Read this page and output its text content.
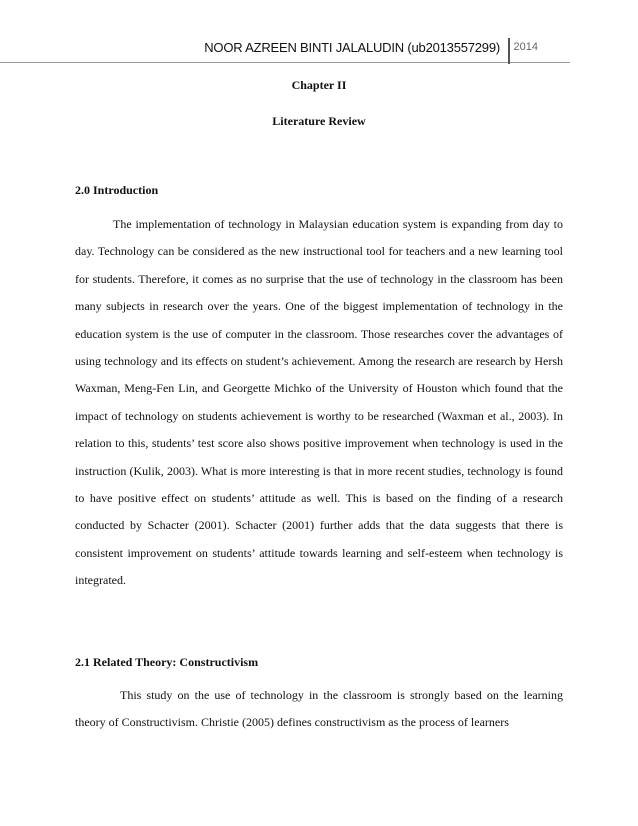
NOOR AZREEN BINTI JALALUDIN (ub2013557299) 2014
Chapter II
Literature Review
2.0 Introduction

The implementation of technology in Malaysian education system is expanding from day to day. Technology can be considered as the new instructional tool for teachers and a new learning tool for students. Therefore, it comes as no surprise that the use of technology in the classroom has been many subjects in research over the years. One of the biggest implementation of technology in the education system is the use of computer in the classroom. Those researches cover the advantages of using technology and its effects on student’s achievement. Among the research are research by Hersh Waxman, Meng-Fen Lin, and Georgette Michko of the University of Houston which found that the impact of technology on students achievement is worthy to be researched (Waxman et al., 2003). In relation to this, students’ test score also shows positive improvement when technology is used in the instruction (Kulik, 2003). What is more interesting is that in more recent studies, technology is found to have positive effect on students’ attitude as well. This is based on the finding of a research conducted by Schacter (2001). Schacter (2001) further adds that the data suggests that there is consistent improvement on students’ attitude towards learning and self-esteem when technology is integrated.

2.1 Related Theory: Constructivism

This study on the use of technology in the classroom is strongly based on the learning theory of Constructivism. Christie (2005) defines constructivism as the process of learners
